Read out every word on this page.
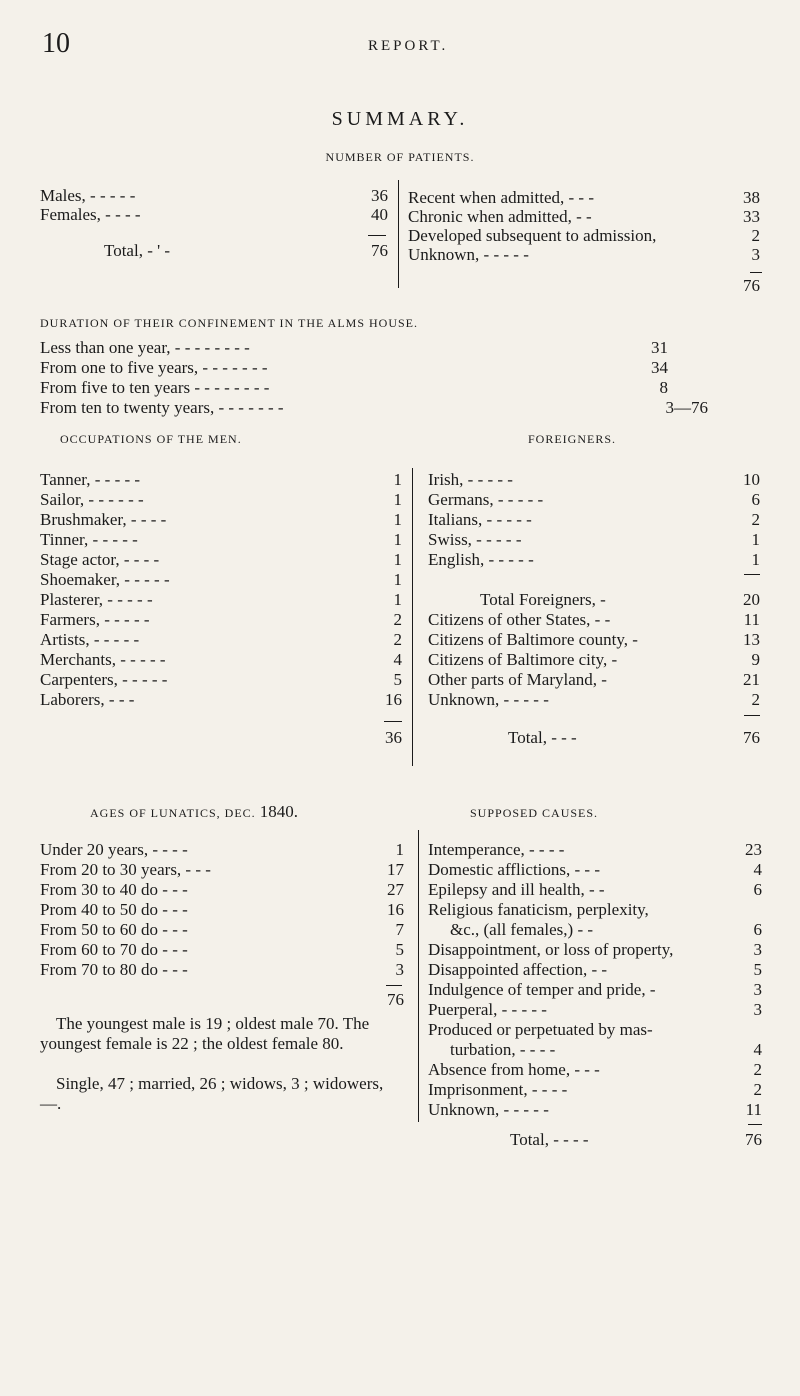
10	REPORT.
SUMMARY.
NUMBER OF PATIENTS.
Males, - - - - -	36
Females, - - - -	40
Total, - ' -	76
Recent when admitted, - - -	38
Chronic when admitted, - -	33
Developed subsequent to admission,	2
Unknown, - - - - -	3
76
DURATION OF THEIR CONFINEMENT IN THE ALMS HOUSE.
Less than one year, - - - - - - - -	31
From one to five years, - - - - - - -	34
From five to ten years - - - - - - - -	8
From ten to twenty years, - - - - - - -	3—76
OCCUPATIONS OF THE MEN.	FOREIGNERS.
Tanner, - - - - -	1
Sailor, - - - - - -	1
Brushmaker, - - - -	1
Tinner, - - - - -	1
Stage actor, - - - -	1
Shoemaker, - - - - -	1
Plasterer, - - - - -	1
Farmers, - - - - -	2
Artists, - - - - -	2
Merchants, - - - - -	4
Carpenters, - - - - -	5
Laborers, - - -	16
36
Irish, - - - - -	10
Germans, - - - - -	6
Italians, - - - - -	2
Swiss, - - - - -	1
English, - - - - -	1
Total Foreigners, -	20
Citizens of other States, - -	11
Citizens of Baltimore county, -	13
Citizens of Baltimore city, -	9
Other parts of Maryland, -	21
Unknown, - - - - -	2
Total, - - -	76
AGES OF LUNATICS, DEC. 1840.	SUPPOSED CAUSES.
Under 20 years, - - - -	1
From 20 to 30 years, - - -	17
From 30 to 40 do - - -	27
Prom 40 to 50 do - - -	16
From 50 to 60 do - - -	7
From 60 to 70 do - - -	5
From 70 to 80 do - - -	3
76
The youngest male is 19 ; oldest male 70. The youngest female is 22 ; the oldest female 80.
Single, 47 ; married, 26 ; widows, 3 ; widowers, —.
Intemperance, - - - -	23
Domestic afflictions, - - -	4
Epilepsy and ill health, - -	6
Religious fanaticism, perplexity,
&c., (all females,) - -	6
Disappointment, or loss of property,	3
Disappointed affection, - -	5
Indulgence of temper and pride, -	3
Puerperal, - - - - -	3
Produced or perpetuated by mas-
turbation, - - - -	4
Absence from home, - - -	2
Imprisonment, - - - -	2
Unknown, - - - - -	11
Total, - - - -	76
